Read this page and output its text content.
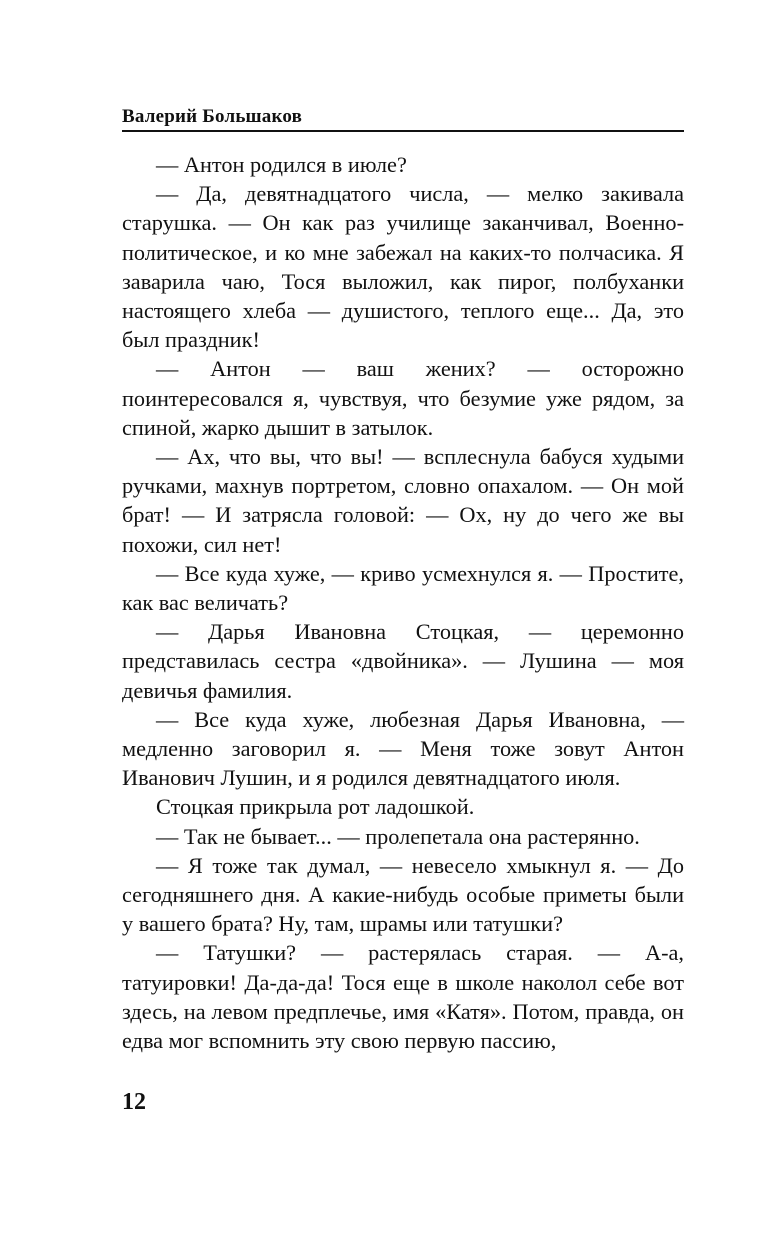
Валерий Большаков

— Антон родился в июле?

— Да, девятнадцатого числа, — мелко закивала старушка. — Он как раз училище заканчивал, Военно-политическое, и ко мне забежал на каких-то полчасика. Я заварила чаю, Тося выложил, как пирог, полбуханки настоящего хлеба — душистого, теплого еще... Да, это был праздник!

— Антон — ваш жених? — осторожно поинтересовался я, чувствуя, что безумие уже рядом, за спиной, жарко дышит в затылок.

— Ах, что вы, что вы! — всплеснула бабуся худыми ручками, махнув портретом, словно опахалом. — Он мой брат! — И затрясла головой: — Ох, ну до чего же вы похожи, сил нет!

— Все куда хуже, — криво усмехнулся я. — Простите, как вас величать?

— Дарья Ивановна Стоцкая, — церемонно представилась сестра «двойника». — Лушина — моя девичья фамилия.

— Все куда хуже, любезная Дарья Ивановна, — медленно заговорил я. — Меня тоже зовут Антон Иванович Лушин, и я родился девятнадцатого июля.

Стоцкая прикрыла рот ладошкой.

— Так не бывает... — пролепетала она растерянно.

— Я тоже так думал, — невесело хмыкнул я. — До сегодняшнего дня. А какие-нибудь особые приметы были у вашего брата? Ну, там, шрамы или татушки?

— Татушки? — растерялась старая. — А-а, татуировки! Да-да-да! Тося еще в школе наколол себе вот здесь, на левом предплечье, имя «Катя». Потом, правда, он едва мог вспомнить эту свою первую пассию,

12
